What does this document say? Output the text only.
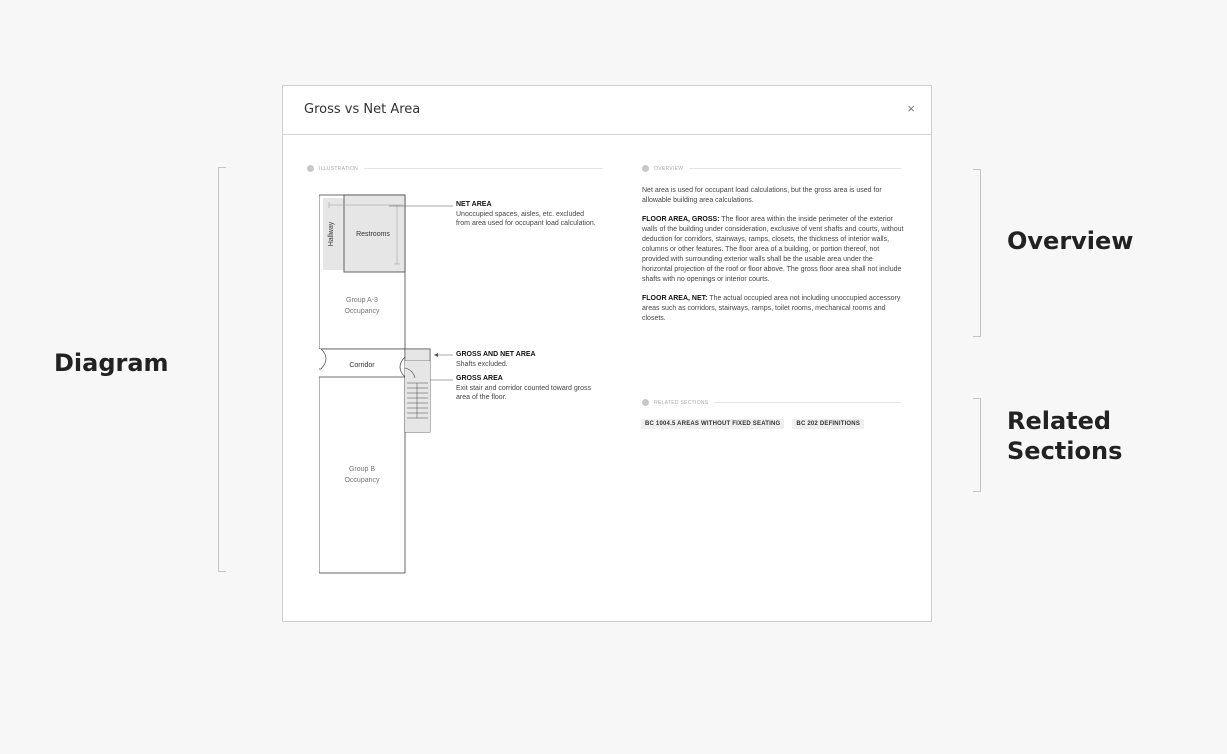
Diagram
Overview
Related
Sections
Gross vs Net Area	×
ILLUSTRATION
Hallway	Restrooms
Group A-3
Occupancy
Corridor
Group B
Occupancy
NET AREA
Unoccupied spaces, aisles, etc. excluded from area used for occupant load calculation.
GROSS AND NET AREA
Shafts excluded.
GROSS AREA
Exit stair and corridor counted toward gross area of the floor.
OVERVIEW

Net area is used for occupant load calculations, but the gross area is used for allowable building area calculations.

FLOOR AREA, GROSS: The floor area within the inside perimeter of the exterior walls of the building under consideration, exclusive of vent shafts and courts, without deduction for corridors, stairways, ramps, closets, the thickness of interior walls, columns or other features. The floor area of a building, or portion thereof, not provided with surrounding exterior walls shall be the usable area under the horizontal projection of the roof or floor above. The gross floor area shall not include shafts with no openings or interior courts.

FLOOR AREA, NET: The actual occupied area not including unoccupied accessory areas such as corridors, stairways, ramps, toilet rooms, mechanical rooms and closets.

RELATED SECTIONS
BC 1004.5 AREAS WITHOUT FIXED SEATING	BC 202 DEFINITIONS
